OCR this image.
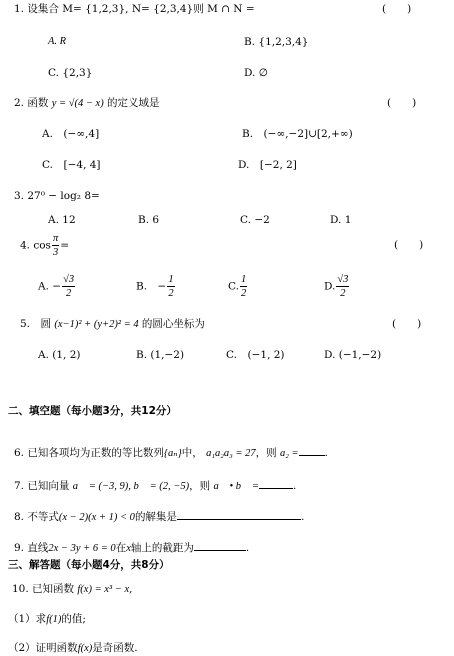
1. 设集合 M= {1,2,3}, N= {2,3,4}则 M ∩ N =	(　　)
A. R	B. {1,2,3,4}
C. {2,3}	D. ∅
2. 函数 y = √(4 − x) 的定义域是	(　　)
A.　(−∞,4]	B.　(−∞,−2]∪[2,+∞)
C.　[−4, 4]	D.　[−2, 2]
3. 27⁰ − log₂ 8=
A. 12	B. 6	C. −2	D. 1
4. $\cos \frac{\pi}{3}$ =	(　　)
A. − $\frac{√3}{2}$	B.　− $\frac{1}{2}$	C. $\frac{1}{2}$	D. $\frac{√3}{2}$
5.　圆 (x−1)² + (y+2)² = 4 的圆心坐标为	(　　)
A. (1, 2)	B. (1,−2)	C.　(−1, 2)	D. (−1,−2)
二、填空题（每小题3分，共12分）
6. 已知各项均为正数的等比数列{aₙ}中， a₁a₂a₃ = 27，则 a₂ = .
7. 已知向量 a⃗ = (−3, 9), b⃗ = (2, −5)，则 a⃗ • b⃗ =	.
8. 不等式(x − 2)(x + 1) < 0的解集是	.
9. 直线2x − 3y + 6 = 0在x轴上的截距为	.
三、解答题（每小题4分，共8分）
10. 已知函数 f(x) = x³ − x,
（1）求f(1)的值;
（2）证明函数f(x)是奇函数.
